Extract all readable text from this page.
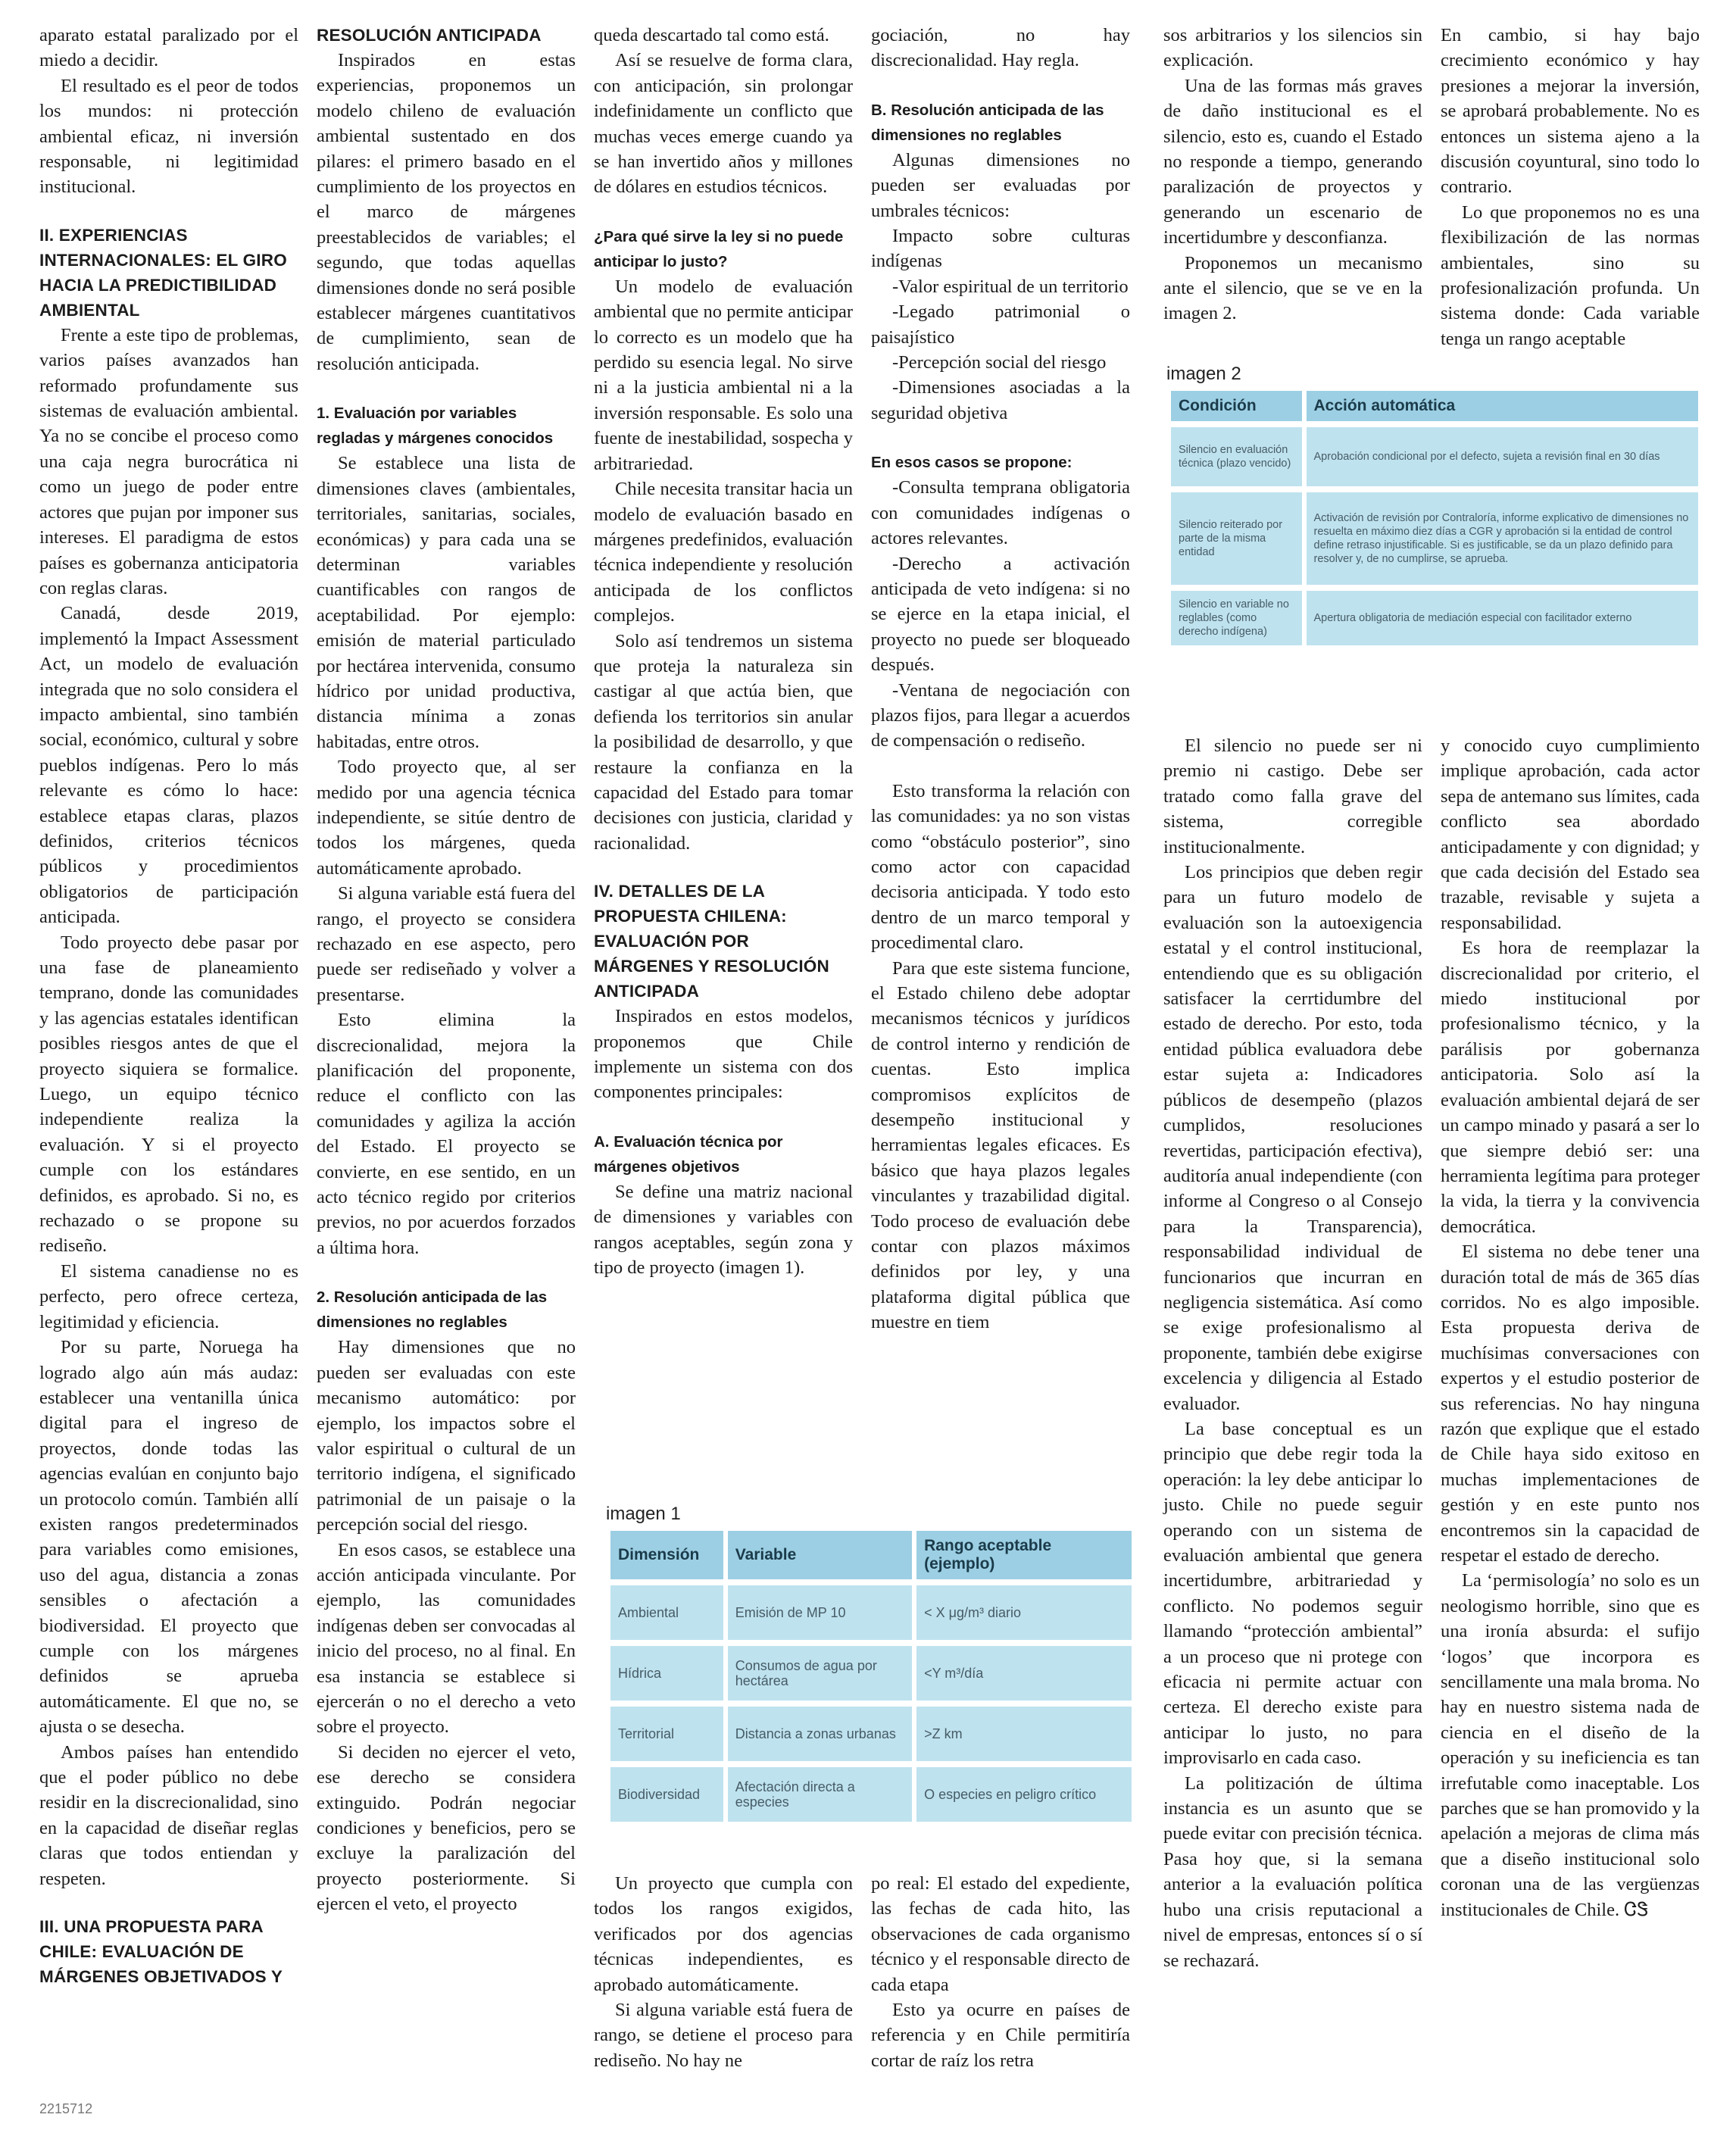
aparato estatal paralizado por el miedo a decidir.

El resultado es el peor de todos los mundos: ni protección ambiental eficaz, ni inversión responsable, ni legitimidad institucional.

II. EXPERIENCIAS INTERNACIONALES: EL GIRO HACIA LA PREDICTIBILIDAD AMBIENTAL

Frente a este tipo de problemas, varios países avanzados han reformado profundamente sus sistemas de evaluación ambiental. Ya no se concibe el proceso como una caja negra burocrática ni como un juego de poder entre actores que pujan por imponer sus intereses. El paradigma de estos países es gobernanza anticipatoria con reglas claras.

Canadá, desde 2019, implementó la Impact Assessment Act, un modelo de evaluación integrada que no solo considera el impacto ambiental, sino también social, económico, cultural y sobre pueblos indígenas. Pero lo más relevante es cómo lo hace: establece etapas claras, plazos definidos, criterios técnicos públicos y procedimientos obligatorios de participación anticipada.

Todo proyecto debe pasar por una fase de planeamiento temprano, donde las comunidades y las agencias estatales identifican posibles riesgos antes de que el proyecto siquiera se formalice. Luego, un equipo técnico independiente realiza la evaluación. Y si el proyecto cumple con los estándares definidos, es aprobado. Si no, es rechazado o se propone su rediseño.

El sistema canadiense no es perfecto, pero ofrece certeza, legitimidad y eficiencia.

Por su parte, Noruega ha logrado algo aún más audaz: establecer una ventanilla única digital para el ingreso de proyectos, donde todas las agencias evalúan en conjunto bajo un protocolo común. También allí existen rangos predeterminados para variables como emisiones, uso del agua, distancia a zonas sensibles o afectación a biodiversidad. El proyecto que cumple con los márgenes definidos se aprueba automáticamente. El que no, se ajusta o se desecha.

Ambos países han entendido que el poder público no debe residir en la discrecionalidad, sino en la capacidad de diseñar reglas claras que todos entiendan y respeten.

III. UNA PROPUESTA PARA CHILE: EVALUACIÓN DE MÁRGENES OBJETIVADOS Y
RESOLUCIÓN ANTICIPADA

Inspirados en estas experiencias, proponemos un modelo chileno de evaluación ambiental sustentado en dos pilares: el primero basado en el cumplimiento de los proyectos en el marco de márgenes preestablecidos de variables; el segundo, que todas aquellas dimensiones donde no será posible establecer márgenes cuantitativos de cumplimiento, sean de resolución anticipada.

1. Evaluación por variables regladas y márgenes conocidos

Se establece una lista de dimensiones claves (ambientales, territoriales, sanitarias, sociales, económicas) y para cada una se determinan variables cuantificables con rangos de aceptabilidad. Por ejemplo: emisión de material particulado por hectárea intervenida, consumo hídrico por unidad productiva, distancia mínima a zonas habitadas, entre otros.

Todo proyecto que, al ser medido por una agencia técnica independiente, se sitúe dentro de todos los márgenes, queda automáticamente aprobado.

Si alguna variable está fuera del rango, el proyecto se considera rechazado en ese aspecto, pero puede ser rediseñado y volver a presentarse.

Esto elimina la discrecionalidad, mejora la planificación del proponente, reduce el conflicto con las comunidades y agiliza la acción del Estado. El proyecto se convierte, en ese sentido, en un acto técnico regido por criterios previos, no por acuerdos forzados a última hora.

2. Resolución anticipada de las dimensiones no reglables

Hay dimensiones que no pueden ser evaluadas con este mecanismo automático: por ejemplo, los impactos sobre el valor espiritual o cultural de un territorio indígena, el significado patrimonial de un paisaje o la percepción social del riesgo.

En esos casos, se establece una acción anticipada vinculante. Por ejemplo, las comunidades indígenas deben ser convocadas al inicio del proceso, no al final. En esa instancia se establece si ejercerán o no el derecho a veto sobre el proyecto.

Si deciden no ejercer el veto, ese derecho se considera extinguido. Podrán negociar condiciones y beneficios, pero se excluye la paralización del proyecto posteriormente. Si ejercen el veto, el proyecto

queda descartado tal como está.

Así se resuelve de forma clara, con anticipación, sin prolongar indefinidamente un conflicto que muchas veces emerge cuando ya se han invertido años y millones de dólares en estudios técnicos.

¿Para qué sirve la ley si no puede anticipar lo justo?

Un modelo de evaluación ambiental que no permite anticipar lo correcto es un modelo que ha perdido su esencia legal. No sirve ni a la justicia ambiental ni a la inversión responsable. Es solo una fuente de inestabilidad, sospecha y arbitrariedad.

Chile necesita transitar hacia un modelo de evaluación basado en márgenes predefinidos, evaluación técnica independiente y resolución anticipada de los conflictos complejos.

Solo así tendremos un sistema que proteja la naturaleza sin castigar al que actúa bien, que defienda los territorios sin anular la posibilidad de desarrollo, y que restaure la confianza en la capacidad del Estado para tomar decisiones con justicia, claridad y racionalidad.

IV. DETALLES DE LA PROPUESTA CHILENA: EVALUACIÓN POR MÁRGENES Y RESOLUCIÓN ANTICIPADA

Inspirados en estos modelos, proponemos que Chile implemente un sistema con dos componentes principales:

A. Evaluación técnica por márgenes objetivos

Se define una matriz nacional de dimensiones y variables con rangos aceptables, según zona y tipo de proyecto (imagen 1).

gociación, no hay discrecionalidad. Hay regla.

B. Resolución anticipada de las dimensiones no reglables

Algunas dimensiones no pueden ser evaluadas por umbrales técnicos:

Impacto sobre culturas indígenas
-Valor espiritual de un territorio
-Legado patrimonial o paisajístico
-Percepción social del riesgo
-Dimensiones asociadas a la seguridad objetiva
En esos casos se propone:
-Consulta temprana obligatoria con comunidades indígenas o actores relevantes.
-Derecho a activación anticipada de veto indígena: si no se ejerce en la etapa inicial, el proyecto no puede ser bloqueado después.
-Ventana de negociación con plazos fijos, para llegar a acuerdos de compensación o rediseño.

Esto transforma la relación con las comunidades: ya no son vistas como “obstáculo posterior”, sino como actor con capacidad decisoria anticipada. Y todo esto dentro de un marco temporal y procedimental claro.

Para que este sistema funcione, el Estado chileno debe adoptar mecanismos técnicos y jurídicos de control interno y rendición de cuentas. Esto implica compromisos explícitos de desempeño institucional y herramientas legales eficaces. Es básico que haya plazos legales vinculantes y trazabilidad digital. Todo proceso de evaluación debe contar con plazos máximos definidos por ley, y una plataforma digital pública que muestre en tiem

imagen 1
Dimensión	Variable	Rango aceptable (ejemplo)
Ambiental	Emisión de MP 10	< X μg/m³ diario
Hídrica	Consumos de agua por hectárea	<Y m³/día
Territorial	Distancia a zonas urbanas	>Z km
Biodiversidad	Afectación directa a especies	O especies en peligro crítico

Un proyecto que cumpla con todos los rangos exigidos, verificados por dos agencias técnicas independientes, es aprobado automáticamente.

Si alguna variable está fuera de rango, se detiene el proceso para rediseño. No hay ne

po real: El estado del expediente, las fechas de cada hito, las observaciones de cada organismo técnico y el responsable directo de cada etapa

Esto ya ocurre en países de referencia y en Chile permitiría cortar de raíz los retra

sos arbitrarios y los silencios sin explicación.

Una de las formas más graves de daño institucional es el silencio, esto es, cuando el Estado no responde a tiempo, generando paralización de proyectos y generando un escenario de incertidumbre y desconfianza.

Proponemos un mecanismo ante el silencio, que se ve en la imagen 2.

En cambio, si hay bajo crecimiento económico y hay presiones a mejorar la inversión, se aprobará probablemente. No es entonces un sistema ajeno a la discusión coyuntural, sino todo lo contrario.

Lo que proponemos no es una flexibilización de las normas ambientales, sino su profesionalización profunda. Un sistema donde: Cada variable tenga un rango aceptable

imagen 2
Condición	Acción automática
Silencio en evaluación técnica (plazo vencido)	Aprobación condicional por el defecto, sujeta a revisión final en 30 días
Silencio reiterado por parte de la misma entidad	Activación de revisión por Contraloría, informe explicativo de dimensiones no resuelta en máximo diez días a CGR y aprobación si la entidad de control define retraso injustificable. Si es justificable, se da un plazo definido para resolver y, de no cumplirse, se aprueba.
Silencio en variable no reglables (como derecho indígena)	Apertura obligatoria de mediación especial con facilitador externo

El silencio no puede ser ni premio ni castigo. Debe ser tratado como falla grave del sistema, corregible institucionalmente.

Los principios que deben regir para un futuro modelo de evaluación son la autoexigencia estatal y el control institucional, entendiendo que es su obligación satisfacer la cerrtidumbre del estado de derecho. Por esto, toda entidad pública evaluadora debe estar sujeta a: Indicadores públicos de desempeño (plazos cumplidos, resoluciones revertidas, participación efectiva), auditoría anual independiente (con informe al Congreso o al Consejo para la Transparencia), responsabilidad individual de funcionarios que incurran en negligencia sistemática. Así como se exige profesionalismo al proponente, también debe exigirse excelencia y diligencia al Estado evaluador.

La base conceptual es un principio que debe regir toda la operación: la ley debe anticipar lo justo. Chile no puede seguir operando con un sistema de evaluación ambiental que genera incertidumbre, arbitrariedad y conflicto. No podemos seguir llamando “protección ambiental” a un proceso que ni protege con eficacia ni permite actuar con certeza. El derecho existe para anticipar lo justo, no para improvisarlo en cada caso.

La politización de última instancia es un asunto que se puede evitar con precisión técnica. Pasa hoy que, si la semana anterior a la evaluación política hubo una crisis reputacional a nivel de empresas, entonces sí o sí se rechazará.

y conocido cuyo cumplimiento implique aprobación, cada actor sepa de antemano sus límites, cada conflicto sea abordado anticipadamente y con dignidad; y que cada decisión del Estado sea trazable, revisable y sujeta a responsabilidad.

Es hora de reemplazar la discrecionalidad por criterio, el miedo institucional por profesionalismo técnico, y la parálisis por gobernanza anticipatoria. Solo así la evaluación ambiental dejará de ser un campo minado y pasará a ser lo que siempre debió ser: una herramienta legítima para proteger la vida, la tierra y la convivencia democrática.

El sistema no debe tener una duración total de más de 365 días corridos. No es algo imposible. Esta propuesta deriva de muchísimas conversaciones con expertos y el estudio posterior de sus referencias. No hay ninguna razón que explique que el estado de Chile haya sido exitoso en muchas implementaciones de gestión y en este punto nos encontremos sin la capacidad de respetar el estado de derecho.

La ‘permisología’ no solo es un neologismo horrible, sino que es una ironía absurda: el sufijo ‘logos’ que incorpora es sencillamente una mala broma. No hay en nuestro sistema nada de ciencia en el diseño de la operación y su ineficiencia es tan irrefutable como inaceptable. Los parches que se han promovido y la apelación a mejoras de clima más que a diseño institucional solo coronan una de las vergüenzas institucionales de Chile. ᏣᏕ

2215712
